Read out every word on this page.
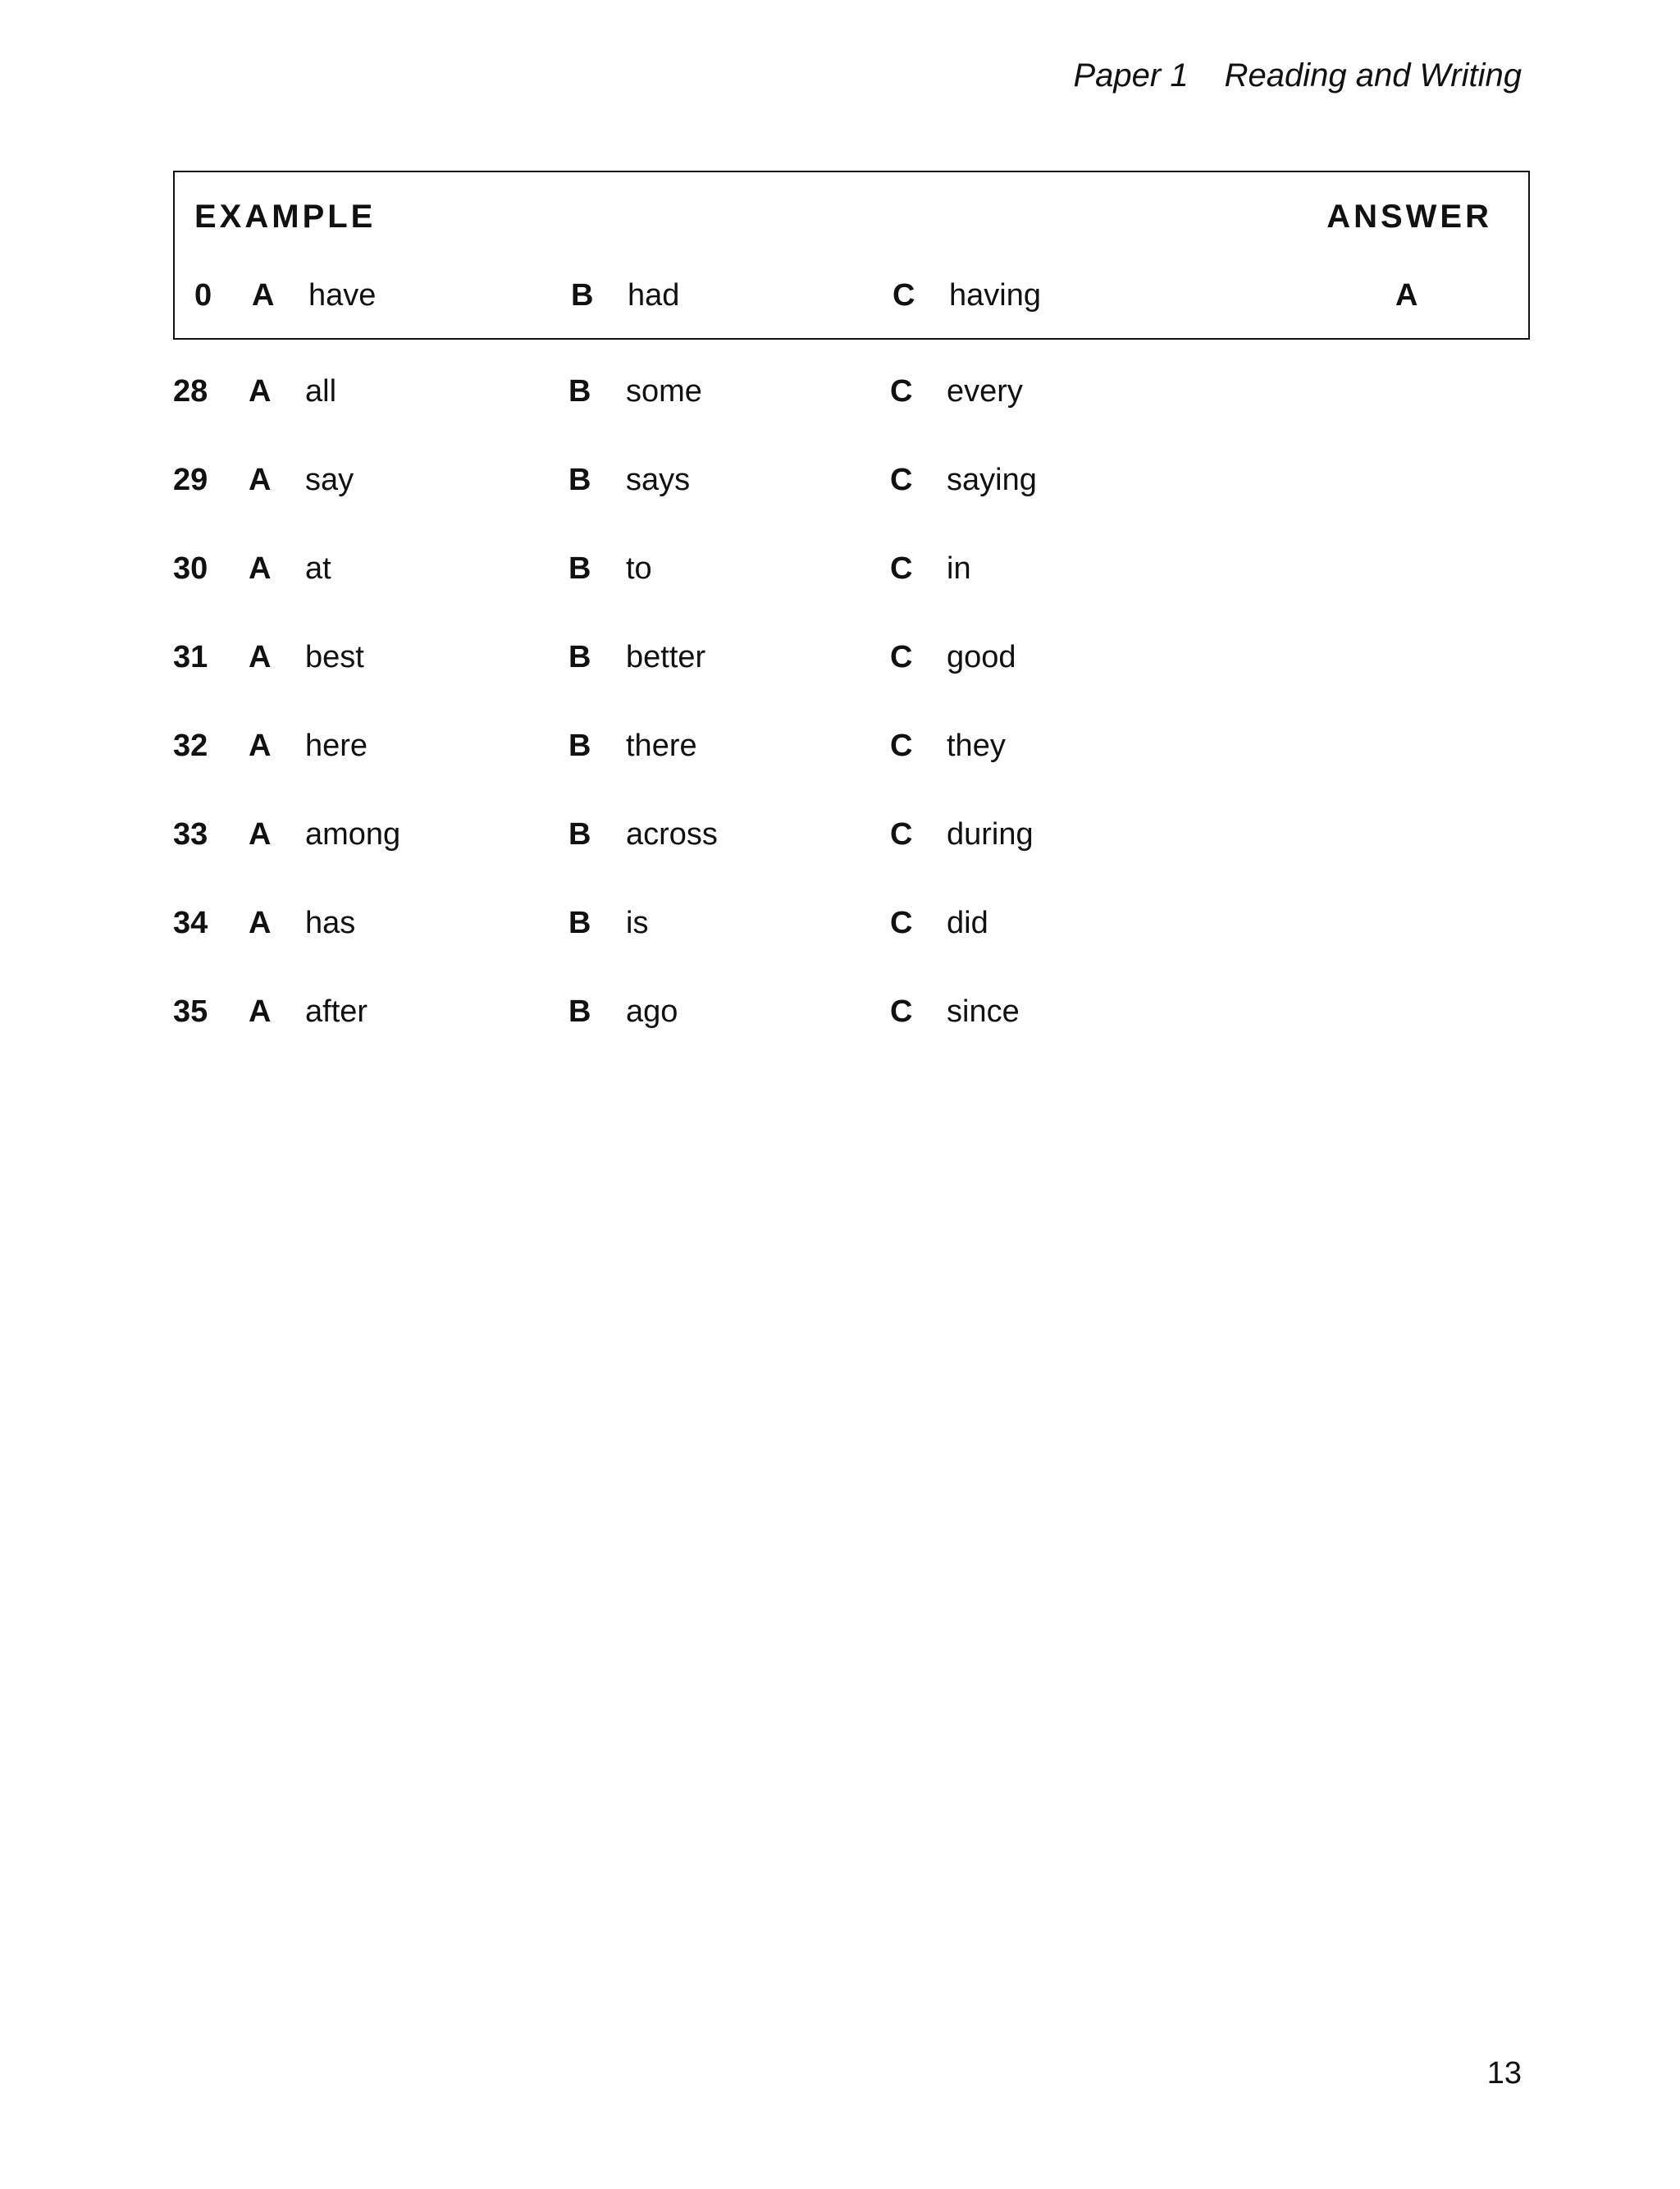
Paper 1 Reading and Writing
EXAMPLE	ANSWER
0 A have	B had	C having	A
28 A all	B some	C every
29 A say	B says	C saying
30 A at	B to	C in
31 A best	B better	C good
32 A here	B there	C they
33 A among	B across	C during
34 A has	B is	C did
35 A after	B ago	C since
13
